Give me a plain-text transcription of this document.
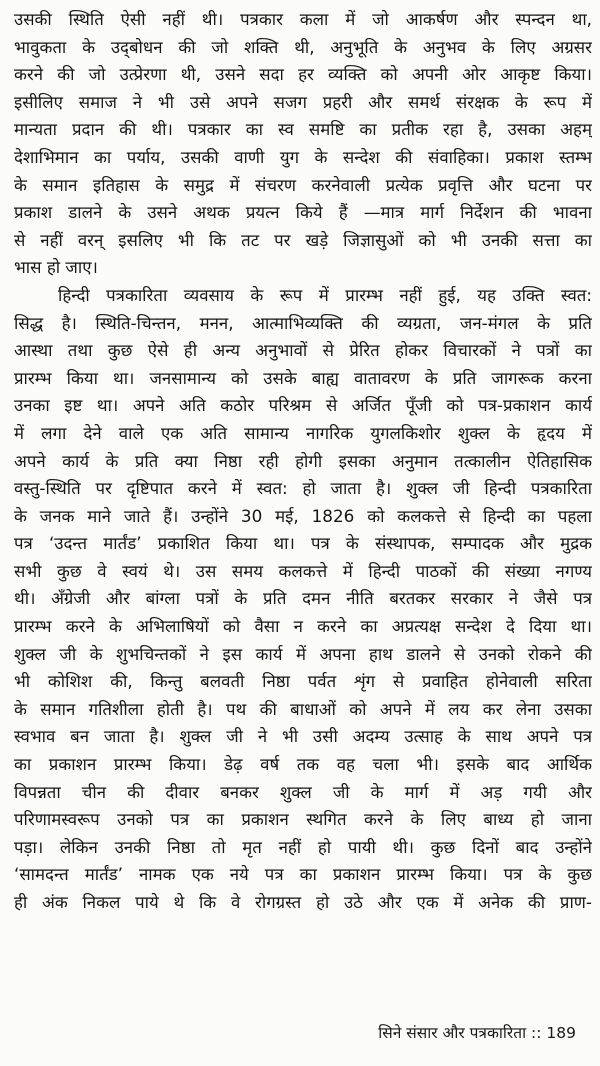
उसकी स्थिति ऐसी नहीं थी। पत्रकार कला में जो आकर्षण और स्पन्दन था,
भावुकता के उद्‌बोधन की जो शक्ति थी, अनुभूति के अनुभव के लिए अग्रसर
करने की जो उत्प्रेरणा थी, उसने सदा हर व्यक्ति को अपनी ओर आकृष्ट किया।
इसीलिए समाज ने भी उसे अपने सजग प्रहरी और समर्थ संरक्षक के रूप में
मान्यता प्रदान की थी। पत्रकार का स्व समष्टि का प्रतीक रहा है, उसका अहम्
देशाभिमान का पर्याय, उसकी वाणी युग के सन्देश की संवाहिका। प्रकाश स्तम्भ
के समान इतिहास के समुद्र में संचरण करनेवाली प्रत्येक प्रवृत्ति और घटना पर
प्रकाश डालने के उसने अथक प्रयत्न किये हैं —मात्र मार्ग निर्देशन की भावना
से नहीं वरन् इसलिए भी कि तट पर खड़े जिज्ञासुओं को भी उनकी सत्ता का
भास हो जाए।
हिन्दी पत्रकारिता व्यवसाय के रूप में प्रारम्भ नहीं हुई, यह उक्ति स्वत:
सिद्ध है। स्थिति-चिन्तन, मनन, आत्माभिव्यक्ति की व्यग्रता, जन-मंगल के प्रति
आस्था तथा कुछ ऐसे ही अन्य अनुभावों से प्रेरित होकर विचारकों ने पत्रों का
प्रारम्भ किया था। जनसामान्य को उसके बाह्य वातावरण के प्रति जागरूक करना
उनका इष्ट था। अपने अति कठोर परिश्रम से अर्जित पूँजी को पत्र-प्रकाशन कार्य
में लगा देने वाले एक अति सामान्य नागरिक युगलकिशोर शुक्ल के हृदय में
अपने कार्य के प्रति क्या निष्ठा रही होगी इसका अनुमान तत्कालीन ऐतिहासिक
वस्तु-स्थिति पर दृष्टिपात करने में स्वत: हो जाता है। शुक्ल जी हिन्दी पत्रकारिता
के जनक माने जाते हैं। उन्होंने 30 मई, 1826 को कलकत्ते से हिन्दी का पहला
पत्र ‘उदन्त मार्तंड’ प्रकाशित किया था। पत्र के संस्थापक, सम्पादक और मुद्रक
सभी कुछ वे स्वयं थे। उस समय कलकत्ते में हिन्दी पाठकों की संख्या नगण्य
थी। अँग्रेजी और बांग्ला पत्रों के प्रति दमन नीति बरतकर सरकार ने जैसे पत्र
प्रारम्भ करने के अभिलाषियों को वैसा न करने का अप्रत्यक्ष सन्देश दे दिया था।
शुक्ल जी के शुभचिन्तकों ने इस कार्य में अपना हाथ डालने से उनको रोकने की
भी कोशिश की, किन्तु बलवती निष्ठा पर्वत शृंग से प्रवाहित होनेवाली सरिता
के समान गतिशीला होती है। पथ की बाधाओं को अपने में लय कर लेना उसका
स्वभाव बन जाता है। शुक्ल जी ने भी उसी अदम्य उत्साह के साथ अपने पत्र
का प्रकाशन प्रारम्भ किया। डेढ़ वर्ष तक वह चला भी। इसके बाद आर्थिक
विपन्नता चीन की दीवार बनकर शुक्ल जी के मार्ग में अड़ गयी और
परिणामस्वरूप उनको पत्र का प्रकाशन स्थगित करने के लिए बाध्य हो जाना
पड़ा। लेकिन उनकी निष्ठा तो मृत नहीं हो पायी थी। कुछ दिनों बाद उन्होंने
‘सामदन्त मार्तंड’ नामक एक नये पत्र का प्रकाशन प्रारम्भ किया। पत्र के कुछ
ही अंक निकल पाये थे कि वे रोगग्रस्त हो उठे और एक में अनेक की प्राण-
सिने संसार और पत्रकारिता :: 189
